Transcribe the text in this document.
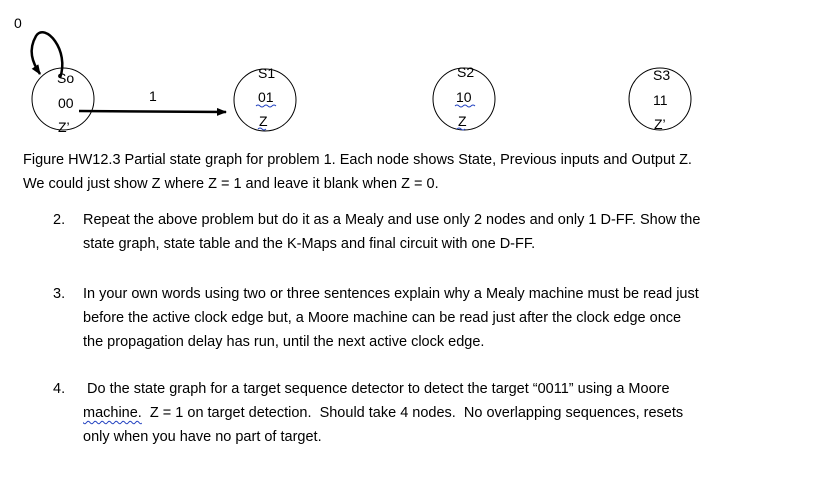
0
1
So
00
Z’
S1
01
Z
S2
10
Z
S3
11
Z’
Figure HW12.3 Partial state graph for problem 1. Each node shows State, Previous inputs and Output Z.
We could just show Z where Z = 1 and leave it blank when Z = 0.
2. Repeat the above problem but do it as a Mealy and use only 2 nodes and only 1 D-FF. Show the
state graph, state table and the K-Maps and final circuit with one D-FF.
3. In your own words using two or three sentences explain why a Mealy machine must be read just
before the active clock edge but, a Moore machine can be read just after the clock edge once
the propagation delay has run, until the next active clock edge.
4. Do the state graph for a target sequence detector to detect the target “0011” using a Moore
machine.  Z = 1 on target detection.  Should take 4 nodes.  No overlapping sequences, resets
only when you have no part of target.
